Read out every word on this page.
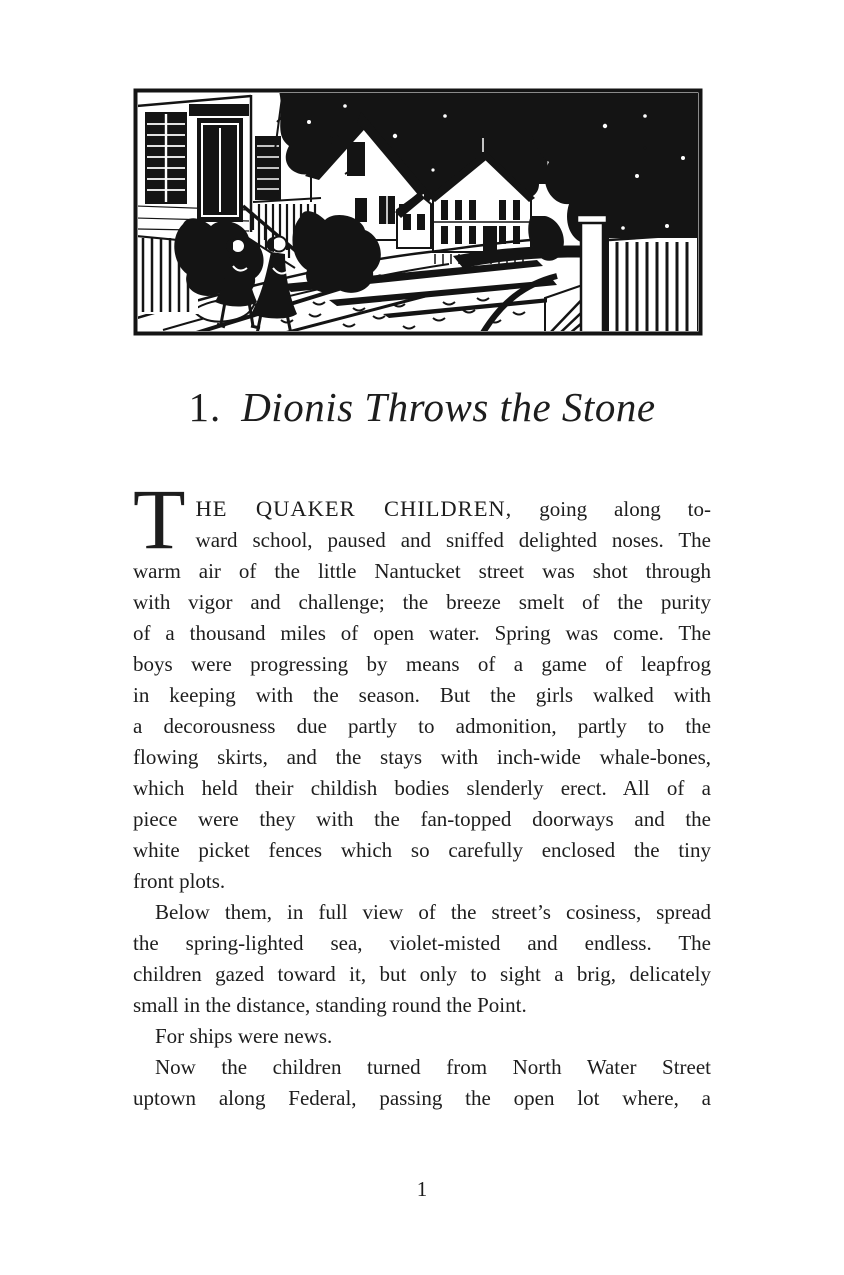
1. Dionis Throws the Stone
T HE QUAKER CHILDREN, going along to-
ward school, paused and sniffed delighted noses. The
warm air of the little Nantucket street was shot through
with vigor and challenge; the breeze smelt of the purity
of a thousand miles of open water. Spring was come. The
boys were progressing by means of a game of leapfrog
in keeping with the season. But the girls walked with
a decorousness due partly to admonition, partly to the
flowing skirts, and the stays with inch-wide whale-bones,
which held their childish bodies slenderly erect. All of a
piece were they with the fan-topped doorways and the
white picket fences which so carefully enclosed the tiny
front plots.
Below them, in full view of the street’s cosiness, spread
the spring-lighted sea, violet-misted and endless. The
children gazed toward it, but only to sight a brig, delicately
small in the distance, standing round the Point.
For ships were news.
Now the children turned from North Water Street
uptown along Federal, passing the open lot where, a
1
